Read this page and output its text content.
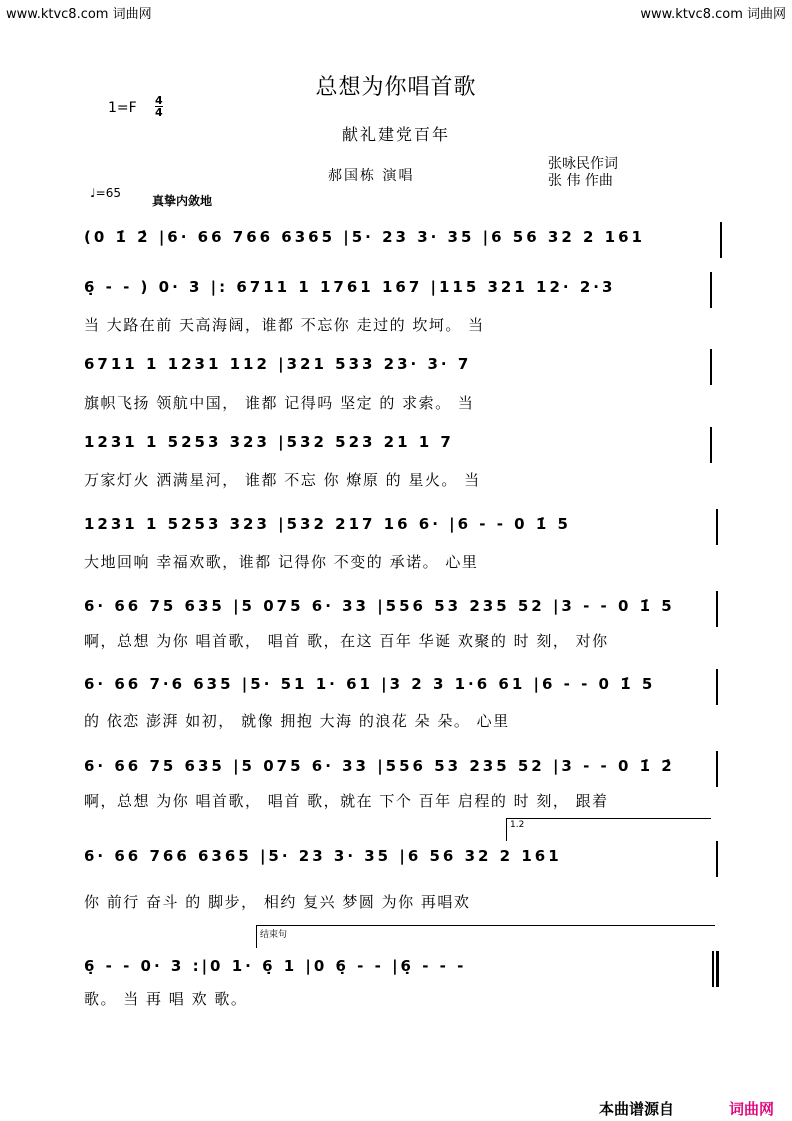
www.ktvc8.com 词曲网	www.ktvc8.com 词曲网
总想为你唱首歌
$1=F \frac{4}{4}$
献礼建党百年
郝国栋 演唱
张咏民作词
张 伟 作曲
♩=65
真挚内敛地
(0 1̇ 2̇ |6· 66 766 6365 |5· 23 3· 35 |6 56 32 2 161
6̣ - - ) 0· 3 |: 6711 1 1761 167 |115 321 12· 2·3
当 大路在前 天高海阔，谁都 不忘你 走过的 坎坷。 当
6711 1 1231 112 |321 533 23· 3· 7
旗帜飞扬 领航中国， 谁都 记得吗 坚定 的 求索。 当
1231 1 5253 323 |532 523 21 1 7
万家灯火 洒满星河， 谁都 不忘 你 燎原 的 星火。 当
1231 1 5253 323 |532 217 16 6· |6 - - 0 1̇ 5
大地回响 幸福欢歌，谁都 记得你 不变的 承诺。 心里
6· 66 75 635 |5 075 6· 33 |556 53 235 52 |3 - - 0 1̇ 5
啊，总想 为你 唱首歌， 唱首 歌，在这 百年 华诞 欢聚的 时 刻， 对你
6· 66 7·6 635 |5· 51 1· 61 |3 2 3 1·6 61 |6 - - 0 1̇ 5
的 依恋 澎湃 如初， 就像 拥抱 大海 的浪花 朵 朵。 心里
6· 66 75 635 |5 075 6· 33 |556 53 235 52 |3 - - 0 1̇ 2̇
啊，总想 为你 唱首歌， 唱首 歌，就在 下个 百年 启程的 时 刻， 跟着
1.2
6· 66 766 6365 |5· 23 3· 35 |6 56 32 2 161
你 前行 奋斗 的 脚步， 相约 复兴 梦圆 为你 再唱欢
结束句
6̣ - - 0· 3 :|0 1· 6̣ 1 |0 6̣ - - |6̣ - - -
歌。 当 再 唱 欢 歌。
本曲谱源自	词曲网
